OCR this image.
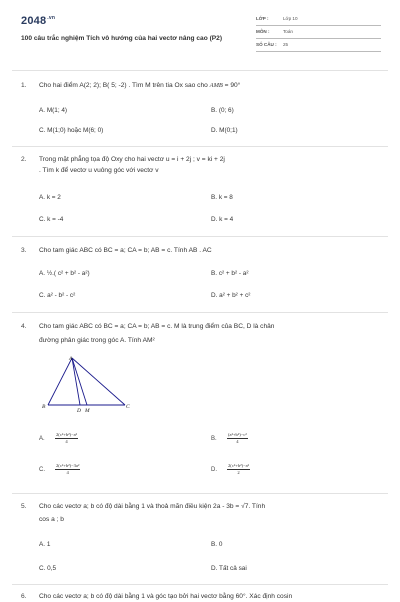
$2048^{.vn}$
100 câu trắc nghiệm Tích vô hướng của hai vectơ nâng cao (P2)
LỚP :	Lớp 10
MÔN :	Toán
SỐ CÂU : 25
1. Cho hai điểm A(2; 2); B( 5; -2) . Tìm M trên tia Ox sao cho AMB = 90°
A. M(1; 4)	B. (0; 6)
C. M(1;0) hoặc M(6; 0)	D. M(0;1)
2. Trong mặt phẳng tọa độ Oxy cho hai vectơ u = i + 2j ; v = ki + 2j
. Tìm k để vectơ u vuông góc với vectơ v
A. k = 2	B. k = 8
C. k = -4	D. k = 4
3. Cho tam giác ABC có BC = a; CA = b; AB = c. Tính AB . AC
A. ½.( c² + b² - a²)	B. c² + b² - a²
C. a² - b² - c²	D. a² + b² + c²
4. Cho tam giác ABC có BC = a; CA = b; AB = c. M là trung điểm của BC, D là chân
đường phân giác trong góc A. Tính AM²
A
B
D M
C
A. $\frac{\text{2(c²+b²)−a²}}{4}$	B. $\frac{\text{(a²+b²)−c²}}{4}$
C. $\frac{\text{2(c²+b²)−3a²}}{4}$	D. $\frac{\text{2(c²+b²)−a²}}{2}$
5. Cho các vectơ a; b có độ dài bằng 1 và thoả mãn điều kiện 2a - 3b = √7. Tính
cos a ; b
A. 1	B. 0
C. 0,5	D. Tất cả sai
6. Cho các vectơ a; b có độ dài bằng 1 và góc tạo bởi hai vectơ bằng 60°. Xác định cosin
